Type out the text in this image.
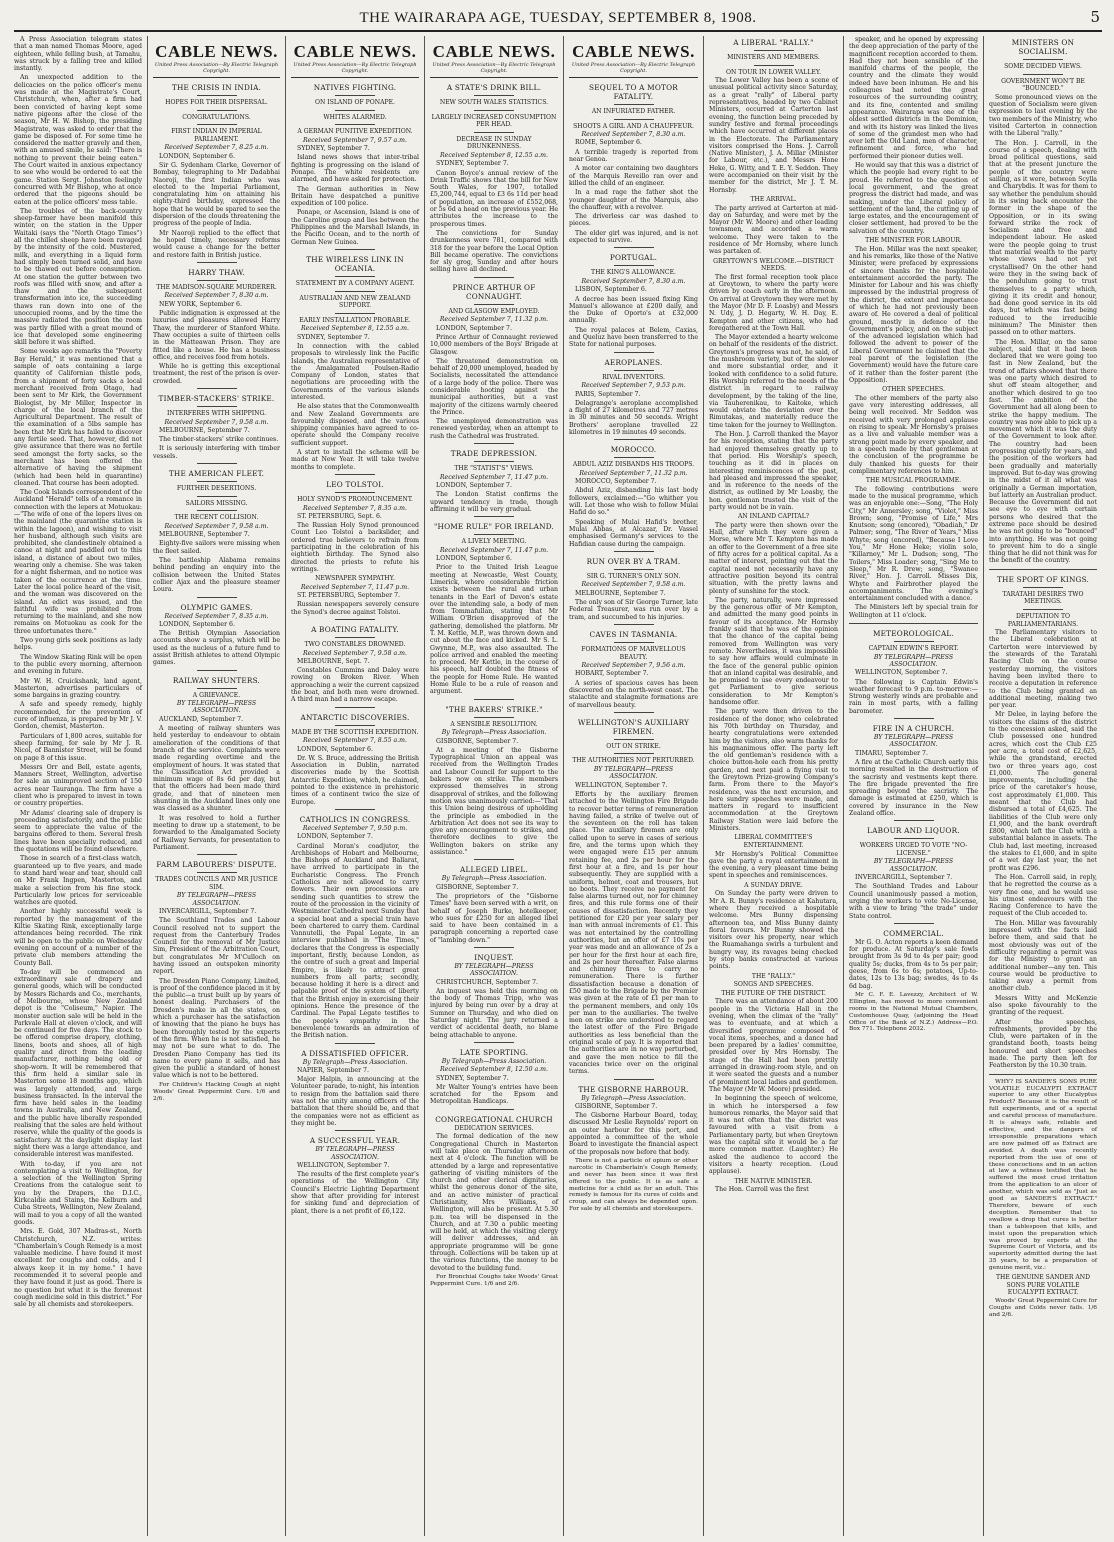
THE WAIRARAPA AGE, TUESDAY, SEPTEMBER 8, 1908.	5

A Press Association telegram states that a man named Thomas Moore, aged eighteen, while felling bush, at Tamahu, was struck by a falling tree and killed instantly.

An unexpected addition to the delicacies on the police officer's menu was made at the Magistrate's Court, Christchurch, when, after a firm had been convicted of having kept some native pigeons after the close of the season, Mr H. W. Bishop, the presiding Magistrate, was asked to order that the game be disposed of. For some time he considered the matter gravely and then, with an amused smile, he said: "There is nothing to prevent their being eaten." The Court waited in anxious expectancy to see who would be ordered to eat the game. Station Sergt. Johnston feelingly concurred with Mr Bishop, who at once ordered that the pigeons should be eaten at the police officers' mess table.

The troubles of the back-country sheep-farmer have been manifold this winter, on the station in the Upper Waitaki (says the "North Otago Times") all the chilled sheep have been ravaged by the intensity of the cold. Mustered, milk, and everything in a liquid form had simply been turned solid, and have to be thawed out before consumption. At one station the gutter between two roofs was filled with snow, and after a thaw and the subsequent transformation into ice, the succeeding thaws ran down into one of the unoccupied rooms, and by the time the massive radiated the position the room was partly filled with a great mound of ice that developed some engineering skill before it was shifted.

Some weeks ago remarks the "Poverty Bay Herald," it was mentioned that a sample of oats containing a large quantity of Californian thistle pods, from a shipment of forty sacks a local merchant received from Otago, had been sent to Mr Kirk, the Government Biologist, by Mr Miller, Inspector in charge of the local branch of the Agricultural Department. The result of the examination of a 5lbs sample has been that Mr Kirk has failed to discover any fertile seed. That, however, did not give assurance that there was no fertile seed amongst the forty sacks, so the merchant has been offered the alternative of having the shipment (which had been held in quarantine) cleaned. That course has been adopted.

The Cook Islands correspondent of the Auckland "Herald" tells of a romance in connection with the lepers at Motuokau:—"The wife of one of the lepers lives on the mainland (the quarantine station is within the lagoon), and wishing to visit her husband, although such visits are prohibited, she clandestinely obtained a canoe at night and paddled out to this island, a distance of about two miles, wearing only a chemise. She was taken for a night fisherman, and no notice was taken of the occurrence at the time. Later the local police heard of the visit, and the woman was discovered on the island. An edict was issued, and the faithful wife was prohibited from returning to the mainland, and she now remains on Motuokau as cook for the three unfortunates there."

Two young girls seek positions as lady helps.

The Window Skating Rink will be open to the public every morning, afternoon and evening in future.

Mr W. H. Cruickshank, land agent, Masterton, advertises particulars of some bargains in grazing country.

A safe and speedy remedy, highly recommended, for the prevention of cure of influenza, is prepared by Mr J. V. Gordon, chemist, Masterton.

Particulars of 1,800 acres, suitable for sheep farming, for sale by Mr J. R. Nicol, of Bannister Street, will be found on page 8 of this issue.

Messrs Orr and Bell, estate agents, Manners Street, Wellington, advertise for sale an unimproved section of 150 acres near Tauranga. The firm have a client who is prepared to invest in town or country properties.

Mr Adams' clearing sale of drapery is proceeding satisfactorily, and the public seem to appreciate the value of the bargains offered to them. Several fresh lines have been specially reduced, and the quotations will be found elsewhere.

Those in search of a first-class watch, guaranteed up to five years, and made to stand hard wear and tear, should call on Mr Frank Ingpen, Masterton, and make a selection from his fine stock. Particularly low prices for serviceable watches are quoted.

Another highly successful week is reported by the management of the Kiltie Skating Rink, exceptionally large attendances being recorded. The rink will be open to the public on Wednesday evening on account of a number of the private club members attending the County Ball.

To-day will be commenced an extraordinary sale of drapery and general goods, which will be conducted by Messrs Richards and Co., merchants, of Melbourne, whose New Zealand depot is the "Coliseum," Napier. The monster auction sale will be held in the Parkvale Hall at eleven o'clock, and will be continued for five days. The stock to be offered comprise drapery, clothing, linens, boots and shoes, all of high quality and direct from the leading manufacturer, nothing being old or shop-worn. It will be remembered that this firm held a similar sale in Masterton some 18 months ago, which was largely attended, and large business transacted. In the interval the firm have held sales in the leading towns in Australia, and New Zealand, and the public have liberally responded realising that the sales are held without reserve, while the quality of the goods is satisfactory. At the daylight display last night there was a large attendance, and considerable interest was manifested.

With to-day, if you are not contemplating a visit to Wellington, for a selection of the Wellington Spring Creations from the catalogue sent to you by the Drapers, the D.I.C., Kirkcaldie and Stains, the Kelburn and Cuba Streets, Wellington, New Zealand, will mail to you a copy of all the wanted goods.

Mrs. E. Gold, 307 Madras-st., North Christchurch, N.Z. writes: "Chamberlain's Cough Remedy is a most valuable medicine. I have found it most excellent for coughs and colds, and I always keep it in my home." I have recommended it to several people and they have found it just as good. There is no question but what it is the foremost cough medicine sold in this district." For sale by all chemists and storekeepers.

CABLE NEWS.
United Press Association—By Electric Telegraph Copyright.
THE CRISIS IN INDIA.
HOPES FOR THEIR DISPERSAL.
CONGRATULATIONS.
FIRST INDIAN IN IMPERIAL PARLIAMENT.
Received September 7, 8.25 a.m.

LONDON, September 6.

Sir G. Sydenham Clarke, Governor of Bombay, telegraphing to Mr Dadabhai Naoroji, the first Indian who was elected to the Imperial Parliament, congratulating him on attaining his eighty-third birthday, expressed the hope that he would be spared to see the dispersion of the clouds threatening the progress of the people of India.

Mr Naoroji replied to the effect that he hoped timely, necessary reforms would cause a change for the better and restore faith in British justice.

HARRY THAW.
THE MADISON-SQUARE MURDERER.
Received September 7, 8.30 a.m.

NEW YORK, September 6.

Public indignation is expressed at the luxuries and pleasures allowed Harry Thaw, the murderer of Stanford White. Thaw occupies a suite of thirteen cells in the Matteawan Prison. They are fitted like a house. He has a business office, and receives food from hotels.

While he is getting this exceptional treatment, the rest of the prison is over-crowded.

TIMBER-STACKERS' STRIKE.
INTERFERES WITH SHIPPING.
Received September 7, 9.58 a.m.

MELBOURNE, September 7.

The timber-stackers' strike continues.

It is seriously interfering with timber vessels.

THE AMERICAN FLEET.
FURTHER DESERTIONS.
SAILORS MISSING.
THE RECENT COLLISION.
Received September 7, 9.58 a.m.

MELBOURNE, September 7.

Eighty-five sailors were missing when the fleet sailed.

The battleship Alabama remains behind pending an enquiry into the collision between the United States collier Ajax and the pleasure steamer Loura.

OLYMPIC GAMES.
Received September 7, 8.35 a.m.

LONDON, September 6.

The British Olympian Association accounts show a surplus, which will be used as the nucleus of a future fund to assist British athletes to attend Olympic games.

RAILWAY SHUNTERS.
A GRIEVANCE.
BY TELEGRAPH—PRESS ASSOCIATION.

AUCKLAND, September 7.

A meeting of railway shunters was held yesterday to endeavour to obtain amelioration of the conditions of that branch of the service. Complaints were made regarding overtime and the employment of hours. It was stated that the Classification Act provided a minimum wage of 8s 6d per day, but that the officers had been made third grade, and that of nineteen men shunting in the Auckland lines only one was classed as a shunter.

It was resolved to hold a further meeting to draw up a statement, to be forwarded to the Amalgamated Society of Railway Servants, for presentation to Parliament.

FARM LABOURERS' DISPUTE.
TRADES COUNCILS AND MR JUSTICE SIM.
BY TELEGRAPH—PRESS ASSOCIATION.

INVERCARGILL, September 7.

The Southland Trades and Labour Council resolved not to support the request from the Canterbury Trades Council for the removal of Mr Justice Sim, President of the Arbitration Court, but congratulates Mr M'Culloch on having issued an outspoken minority report.

The Dresden Piano Company, Limited, is proof of the confidence placed in it by the public—a trust built up by years of honest dealing. Purchasers of the Dresden's make in all the states, on which a purchaser has the satisfaction of knowing that the piano he buys has been thoroughly tested by the experts of the firm. When he is not satisfied, he may not be sure what to do. The Dresden Piano Company has tied its name to every piano it sells, and has given the public a standard of honest value which is not to be bettered.

For Children's Hacking Cough at night Woods' Great Peppermint Cure. 1/6 and 2/6.

CABLE NEWS.
United Press Association—By Electric Telegraph Copyright.
NATIVES FIGHTING.
ON ISLAND OF PONAPE.
WHITES ALARMED.
A GERMAN PUNITIVE EXPEDITION.
Received September 7, 9.57 a.m.

SYDNEY, September 7.

Island news shows that inter-tribal fighting is progressing on the island of Ponape. The white residents are alarmed, and have asked for protection.

The German authorities in New Britain have despatched a punitive expedition of 100 police.

Ponape, or Ascension, Island is one of the Caroline group and lies between the Philippines and the Marshall Islands, in the Pacific Ocean, and to the north of German New Guinea.

THE WIRELESS LINK IN OCEANIA.
STATEMENT BY A COMPANY AGENT.
AUSTRALIAN AND NEW ZEALAND SUPPORT.
EARLY INSTALLATION PROBABLE.
Received September 8, 12.55 a.m.

SYDNEY, September 7.

In connection with the cabled proposals to wirelessly link the Pacific Islands, the Australian representative of the Amalgamated Poulsen-Radio Company of London, states that negotiations are proceeding with the Governments of the various islands interested.

He also states that the Commonwealth and New Zealand Governments are favourably disposed, and the various shipping companies have agreed to co-operate should the Company receive sufficient support.

A start to install the scheme will be made at New Year. It will take twelve months to complete.

LEO TOLSTOI.
HOLY SYNOD'S PRONOUNCEMENT.
Received September 7, 8.35 a.m.

ST. PETERSBURG, Sept. 6.

The Russian Holy Synod pronounced Count Leo Tolstoi a backslider, and ordered true believers to refrain from participating in the celebration of his eightieth birthday. The Synod also directed the priests to refute his writings.

NEWSPAPER SYMPATHY.
Received September 7, 11.47 p.m.

ST. PETERSBURG, September 7.

Russian newspapers severely censure the Synod's decree against Tolstoi.

A BOATING FATALITY.
TWO CONSTABLES DROWNED.
Received September 7, 9.58 a.m.

MELBOURNE, Sept. 7.

Constables Cummins and Daley were rowing on Broken River. When approaching a weir the current capsized the boat, and both men were drowned. A third man had a narrow escape.

ANTARCTIC DISCOVERIES.
MADE BY THE SCOTTISH EXPEDITION.
Received September 7, 8.55 a.m.

LONDON, September 6.

Dr. W. S. Bruce, addressing the British Association in Dublin, narrated discoveries made by the Scottish Antarctic Expedition, which, he claimed, pointed to the existence in prehistoric times of a continent twice the size of Europe.

CATHOLICS IN CONGRESS.
Received September 7, 9.50 p.m.

LONDON, September 7.

Cardinal Moran's coadjutor, the Archbishops of Hobart and Melbourne, the Bishops of Auckland and Ballarat, have arrived to participate in the Eucharistic Congress. The French Catholics are not allowed to carry flowers. Their own processions are sending such quantities to strew the route of the procession in the vicinity of Westminster Cathedral next Sunday that a special boat and a special train have been chartered to carry them. Cardinal Vannutelli, the Papal Legate, in an interview published in "The Times," declares that the Congress is especially important, firstly, because London, as the centre of such a great and Imperial Empire, is likely to attract great numbers from all parts; secondly, because holding it here is a direct and palpable proof of the system of liberty that the British enjoy in exercising their opinions. Hence the presence of the Cardinal. The Papal Legate testifies to the people's sympathy in the benevolence towards an admiration of the British nation.

A DISSATISFIED OFFICER.
By Telegraph—Press Association.

NAPIER, September 7.

Major Halpin, in announcing at the Volunteer parade, to-night, his intention to resign from the battalion said there was not the unity among officers of the battalion that there should be, and that the companies were not as efficient as they might be.

A SUCCESSFUL YEAR.
BY TELEGRAPH—PRESS ASSOCIATION.

WELLINGTON, September 7.

The results of the first complete year's operations of the Wellington City Council's Electric Lighting Department show that after providing for interest for sinking fund and depreciation of plant, there is a net profit of £6,122.

CABLE NEWS.
United Press Association—By Electric Telegraph Copyright.
A STATE'S DRINK BILL.
NEW SOUTH WALES STATISTICS.
LARGELY INCREASED CONSUMPTION PER HEAD.
DECREASE IN SUNDAY DRUNKENNESS.
Received September 8, 12.55 a.m.

SYDNEY, September 7.

Canon Boyce's annual review of the Drink Traffic shows that the bill for New South Wales, for 1907, totalled £5,200,744, equal to £3 6s 11d per head of population, an increase of £552,068, or 5s 6d a head on the previous year. He attributes the increase to the prosperous times.

The convictions for Sunday drunkenness were 781, compared with 318 for the year before the Local Option Bill became operative. The convictions for sly grog, Sunday and after hours selling have all declined.

PRINCE ARTHUR OF CONNAUGHT.
AND GLASGOW EMPLOYED.
Received September 7, 11.32 p.m.

LONDON, September 7.

Prince Arthur of Connaught reviewed 10,000 members of the Boys' Brigade at Glasgow.

The threatened demonstration on behalf of 20,000 unemployed, headed by Socialists, necessitated the attendance of a large body of the police. There was considerable hooting against the municipal authorities, but a vast majority of the citizens warmly cheered the Prince.

The unemployed demonstration was renewed yesterday, when an attempt to rush the Cathedral was frustrated.

TRADE DEPRESSION.
THE "STATIST'S" VIEWS.
Received September 7, 11.47 p.m.

LONDON, September 7.

The London Statist confirms the upward tendency in trade, though affirming it will be very gradual.

"HOME RULE" FOR IRELAND.
A LIVELY MEETING.
Received September 7, 11.47 p.m.

LONDON, September 6.

Prior to the United Irish League meeting at Newcastle, West County, Limerick, where considerable friction exists between the rural and urban tenants in the Earl of Devon's estate over the intending sale, a body of men from Tommafullan, stating that Mr William O'Brien disapproved of the gathering, demolished the platform. Mr T. M. Kettle, M.P., was thrown down and cut about the face and kicked. Mr S. L. Gwynne, M.P., was also assaulted. The police arrived and enabled the meeting to proceed. Mr Kettle, in the course of his speech, half doubted the fitness of the people for Home Rule. He wanted Home Rule to be a rule of reason and argument.

"THE BAKERS' STRIKE."
A SENSIBLE RESOLUTION.
By Telegraph—Press Association.

GISBORNE, September 7.

At a meeting of the Gisborne Typographical Union an appeal was received from the Wellington Trades and Labour Council for support to the bakers now on strike. The members expressed themselves in strong disapproval of strikes, and the following motion was unanimously carried:—"That this Union being desirous of upholding the principle as embodied in the Arbitration Act does not see its way to give any encouragement to strikes, and therefore declines to give the Wellington bakers on strike any assistance."

ALLEGED LIBEL.
By Telegraph—Press Association.

GISBORNE, September 7.

The proprietors of the "Gisborne Times" have been served with a writ, on behalf of Joseph Burke, hotelkeeper, who sues for £250 for an alleged libel said to have been contained in a paragraph concerning a reported case of "lambing down."

INQUEST.
BY TELEGRAPH—PRESS ASSOCIATION.

CHRISTCHURCH, September 7.

An inquest was held this morning on the body of Thomas Tripp, who was injured by being run over by a dray at Sumner on Thursday, and who died on Saturday night. The jury returned a verdict of accidental death, no blame being attachable to anyone.

LATE SPORTING.
By Telegraph—Press Association.
Received September 8, 12.50 a.m.

SYDNEY, September 7.

Mr Walter Young's entries have been scratched for the Epsom and Metropolitan Handicaps.

CONGREGATIONAL CHURCH
DEDICATION SERVICES.

The formal dedication of the new Congregational Church in Masterton will take place on Thursday afternoon next at 4 o'clock. The function will be attended by a large and representative gathering of visiting ministers of the church and other clerical dignitaries, whilst the generous donor of the site, and an active minister of practical Christianity, Mrs Williams, of Wellington, will also be present. At 5.30 p.m. tea will be dispensed in the Church, and at 7.30 a public meeting will be held, at which the visiting clergy will deliver addresses, and an appropriate programme will be gone through. Collections will be taken up at the various functions, the money to be devoted to the building fund.

For Bronchial Coughs take Woods' Great Peppermint Cure. 1/6 and 2/6.

CABLE NEWS.
United Press Association—By Electric Telegraph Copyright.
SEQUEL TO A MOTOR FATALITY.
AN INFURIATED FATHER.
SHOOTS A GIRL AND A CHAUFFEUR.
Received September 7, 8.30 a.m.

ROME, September 6.

A terrible tragedy is reported from near Genoa.

A motor car containing two daughters of the Marquis Reveillo ran over and killed the child of an engineer.

In a mad rage the father shot the younger daughter of the Marquis, also the chauffeur, with a revolver.

The driverless car was dashed to pieces.

The elder girl was injured, and is not expected to survive.

PORTUGAL.
THE KING'S ALLOWANCE.
Received September 7, 8.30 a.m.

LISBON, September 6.

A decree has been issued fixing King Manuel's allowance at £200 daily, and the Duke of Oporto's at £32,000 annually.

The royal palaces at Belem, Caxias, and Queluz have been transferred to the State for national purposes.

AEROPLANES.
RIVAL INVENTORS.
Received September 7, 9.53 p.m.

PARIS, September 7.

Delagrange's aeroplane accomplished a flight of 27 kilometres and 727 metres in 30 minutes and 50 seconds. Wright Brothers' aeroplane travelled 22 kilometres in 19 minutes 49 seconds.

MOROCCO.
ABDUL AZIZ DISBANDS HIS TROOPS.
Received September 7, 11.32 p.m.

MOROCCO, September 7.

Abdul Aziz, disbanding his last body followers, exclaimed:—"Go whither you will. Let those who wish to follow Mulai Hafid do so."

Speaking of Mulai Hafid's brother, Mulai Abbas, at Alcazar, Dr. Vassel emphasised Germany's services to the Hafidian cause during the campaign.

RUN OVER BY A TRAM.
SIR G. TURNER'S ONLY SON.
Received September 7, 9.58 a.m.

MELBOURNE, September 7.

The only son of Sir George Turner, late Federal Treasurer, was run over by a tram, and succumbed to his injuries.

CAVES IN TASMANIA.
FORMATIONS OF MARVELLOUS BEAUTY.
Received September 7, 9.56 a.m.

HOBART, September 7.

A series of spacious caves has been discovered on the north-west coast. The stalactite and stalagmite formations are of marvellous beauty.

WELLINGTON'S AUXILIARY FIREMEN.
OUT ON STRIKE.
THE AUTHORITIES NOT PERTURBED.
BY TELEGRAPH—PRESS ASSOCIATION.

WELLINGTON, September 7.

Efforts by the auxiliary firemen attached to the Wellington Fire Brigade to recover better terms of remuneration having failed, a strike of twelve out of the seventeen on the roll has taken place. The auxiliary firemen are only called upon to serve in cases of serious fire, and the terms upon which they were engaged were £15 per annum retaining fee, and 2s per hour for the first hour at a fire, and 1s per hour subsequently. They are supplied with a uniform, helmet, coat and trousers, but no boots. They receive no payment for false alarms turned out, nor for chimney fires, and this rule forms one of their causes of dissatisfaction. Recently they petitioned for £20 per year salary per man with annual increments of £1. This was not entertained by the controlling authorities, but an offer of £7 10s per year was made and an allowance of 2s a per hour for the first hour at each fire, and 2s per hour thereafter. False alarms and chimney fires to carry no remuneration. There is further dissatisfaction because a donation of £50 made to the Brigade by the Premier was given at the rate of £1 per man to the permanent members, and only 10s per man to the auxiliaries. The twelve men on strike are understood to regard the latest offer of the Fire Brigade authorities as less beneficial than the original scale of pay. It is reported that the authorities are in no way perturbed, and gave the men notice to fill the vacancies twice over on the original terms.

THE GISBORNE HARBOUR.
By Telegraph—Press Association.

GISBORNE, September 7.

The Gisborne Harbour Board, today, discussed Mr Leslie Reynolds' report on an outer harbour for this port, and appointed a committee of the whole Board to investigate the financial aspect of the proposals now before that body.

There is not a particle of opium or other narcotic in Chamberlain's Cough Remedy, and never has been since it was first offered to the public. It is as safe a medicine for a child as for an adult. This remedy is famous for its cures of colds and croup, and can always be depended upon. For sale by all chemists and storekeepers.

A LIBERAL "RALLY."
MINISTERS AND MEMBERS.
ON TOUR IN LOWER VALLEY.

The Lower Valley has been a scene of unusual political activity since Saturday, as a great "rally" of Liberal party representatives, headed by two Cabinet Ministers, occurred at Carterton last evening, the function being preceded by sundry festive and formal proceedings which have occurred at different places in the Electorate. The Parliamentary visitors comprised the Hons. J. Carroll (Native Minister), J. A. Millar (Minister for Labour, etc.), and Messrs Hone Heke, G. Witty, and T. E. Y. Seddon. They were accompanied on their visit by the member for the district, Mr J. T. M. Hornsby.

THE ARRIVAL.

The party arrived at Carterton at mid-day on Saturday, and were met by the Mayor (Mr W. Moore) and other leading townsmen, and accorded a warm welcome. They were taken to the residence of Mr Hornsby, where lunch was partaken of.

GREYTOWN'S WELCOME.—DISTRICT NEEDS.

The first formal reception took place at Greytown, to where the party were driven by coach early in the afternoon. On arrival at Greytown they were met by the Mayor (Mr D. F. Loasby) and Messrs N. Udy, J. D. Hegarty, W. H. Day, E. Kempton and other citizens, who had foregathered at the Town Hall.

The Mayor extended a hearty welcome on behalf of the residents of the district. Greytown's progress was not, he said, of the mushroom variety, but of the slower and more substantial order, and it looked with confidence to a solid future. His Worship referred to the needs of the district in regard to railway development, by the taking of the line, via Tauherenikau, to Kaitoke, which would obviate the deviation over the Rimutakas, and materially reduce the time taken for the journey to Wellington.

The Hon. J. Carroll thanked the Mayor for his reception, stating that the party had enjoyed themselves greatly up to that period. His Worship's speech, touching as it did in places on interesting reminiscences of the past, had pleased and impressed the speaker, and in reference to the needs of the district, as outlined by Mr Loasby, the hon. gentleman trusted the visit of the party would not be in vain.

AN INLAND CAPITAL?

The party were then shown over the Hall, after which they were given a Morse, where Mr T. Kempton has made an offer to the Government of a free site of fifty acres for a political capital. As a matter of interest, pointing out that the capital need not necessarily have any attractive position beyond its central situation, with the pretty lawns and plenty of sunshine for the stock.

The party, naturally, were impressed by the generous offer of Mr Kempton, and admitted the many good points in favour of its acceptance. Mr Hornsby frankly said that he was of the opinion that the chance of the capital being removed from Wellington was very remote. Nevertheless, it was impossible to say how affairs would culminate in the face of the general public opinion that an inland capital was desirable, and he promised to use every endeavour to get Parliament to give serious consideration to Mr Kempton's handsome offer.

The party were then driven to the residence of the donor, who celebrated his 70th birthday on Thursday, and hearty congratulations were extended him by the visitors, also warm thanks for his magnanimous offer. The party left the old gentleman's residence with a choice button-hole each from his pretty garden, and next paid a flying visit to the Greytown Prize-growing Company's farm. From there to the Mayor's residence, was the next excursion, and here sundry speeches were made, and matters in regard to insufficient accommodation at the Greytown Railway Station were laid before the Ministers.

LIBERAL COMMITTEE'S ENTERTAINMENT.

Mr Hornsby's Political Committee gave the party a royal entertainment in the evening, a very pleasant time being spent in speeches and reminiscences.

A SUNDAY DRIVE.

On Sunday the party were driven to Mr A. R. Bunny's residence at Kahutara, where they received a hospitable welcome. Mrs Bunny dispensing afternoon tea, and Miss Bunny dainty floral favours. Mr Bunny showed the visitors over his property, near which the Ruamahanga swirls a turbulent and hungry way, its ravages being checked by stop banks constructed at various points.

THE "RALLY."
SONGS AND SPEECHES.
THE FUTURE OF THE DISTRICT.

There was an attendance of about 200 people in the Victoria Hall in the evening, when the climax of the "rally" was to eventuate, and at which a diversified programme composed of vocal items, speeches, and a dance had been prepared by a ladies' committee, presided over by Mrs Hornsby. The stage of the Hall had been prettily arranged in drawing-room style, and on it were seated the guests and a number of prominent local ladies and gentlemen. The Mayor (Mr W. Moore) presided.

In beginning the speech of welcome, in which he interspersed a few humorous remarks, the Mayor said that it was not often that the district was favoured with a visit from a Parliamentary party, but when Greytown was the capital site it would be a far more common matter. (Laughter.) He asked the audience to accord the visitors a hearty reception. (Loud applause).

THE NATIVE MINISTER.

The Hon. Carroll was the first

speaker, and he opened by expressing the deep appreciation of the party of the magnificent reception accorded to them. Had they not been sensible of the manifold charms of the people, the country and the climate they would indeed have been inhuman. He and his colleagues had noted the great resources of the surrounding country, and its fine, contented and smiling appearance. Wairarapa was one of the oldest settled districts in the Dominion, and with its history was linked the lives of some of the grandest men who had ever left the Old Land, men of character, refinement and force, who had performed their pioneer duties well.

He would say that this was a district of which the people had every right to be proud. He referred to the question of local government, and the great progress the district had made, and was making, under the Liberal policy of settlement of the land, the cutting up of large estates, and the encouragement of closer settlement, had proved to be the salvation of the country.

THE MINISTER FOR LABOUR.

The Hon. Millar was the next speaker, and his remarks, like those of the Native Minister, were prefaced by expressions of sincere thanks for the hospitable entertainment accorded the party. The Minister for Labour and his was chiefly impressed by the industrial progress of the district, the extent and importance of which he had not previously been aware of. He covered a deal of political ground, mostly in defence of the Government's policy, and on the subject of the advanced legislation which had followed the advent to power of the Liberal Government he claimed that the real parent of the legislation (the Government) would have the future care of it rather than the foster parent (the Opposition).

OTHER SPEECHES.

The other members of the party also gave very interesting addresses, all being well received. Mr Seddon was received with very prolonged applause on rising to speak. Mr Hornsby's praises as a live and valuable member was a strong point made by every speaker, and in a speech made by that gentleman at the conclusion of the programme he duly thanked his guests for their complimentary references to him.

THE MUSICAL PROGRAMME.

The following contributions were made to the musical programme, which was an enjoyable one:—Song, "The Holy City," Mr Annersley; song, "Violet," Miss Brown; song, "Promise of Life," Mrs Knutson; song (encored), "Obadiah," Dr Palmer; song, "The River of Years," Miss Whyte; song (encored), "Because I Love You," Mr Hone Heke; violin solo, "Killarney," Mr L. Dudson; song, "The Toilers," Miss Loader; song, "Sing Me to Sleep," Mr R. Drew; song, "Swanee River," Hon. J. Carroll. Misses Dix, Whyte and Fairbrother played the accompaniments. The evening's entertainment concluded with a dance.

The Ministers left by special train for Wellington at 11 o'clock.

METEOROLOGICAL.
CAPTAIN EDWIN'S REPORT.
BY TELEGRAPH—PRESS ASSOCIATION.

WELLINGTON, September 7.

The following is Captain Edwin's weather forecast to 9 p.m. to-morrow:—Strong westerly winds are probable and rain in most parts, with a falling barometer.

FIRE IN A CHURCH.
BY TELEGRAPH—PRESS ASSOCIATION.

TIMARU, September 7.

A fire at the Catholic Church early this morning resulted in the destruction of the sacristy and vestments kept there. The fire brigade prevented the fire spreading beyond the sacristy. The damage is estimated at £250, which is covered by insurance in the New Zealand office.

LABOUR AND LIQUOR.
WORKERS URGED TO VOTE "NO-LICENSE."
BY TELEGRAPH—PRESS ASSOCIATION.

INVERCARGILL, September 7.

The Southland Trades and Labour Council unanimously passed a motion, urging the workers to vote No-License, with a view to bring "the trade" under State control.

COMMERCIAL.

Mr G. O. Acton reports a keen demand for produce. At Saturday's sale fowls brought from 3s 9d to 4s per pair; good quality 5s; ducks, from 4s to 5s per pair; geese, from 6s to 6s; potatoes, Up-to-dates, 12s to 13s bag; swedes, 4s to 4s 6d bag.

Mr C. F. E. Lavezzy, Architect of W. Ellington, has moved to more convenient rooms in the National Mutual Chambers, Customhouse Quay, (adjoining the Head Office of the Bank of N.Z.) Address—P.O. Box 771. Telephone 2032.

MINISTERS ON SOCIALISM.
SOME DECIDED VIEWS.
GOVERNMENT WON'T BE "BOUNCED."

Some pronounced views on the question of Socialism were given expression to last evening by the two members of the Ministry, who visited Carterton in connection with the Liberal "rally."

The Hon. J. Carroll, in the course of a speech, dealing with broad political questions, said that at the present juncture the people of the country were sailing, as it were, between Scylla and Charybdis. It was for them to say whether the pendulum should in its swing back encounter the former in the shape of the Opposition, or in its swing forward strike the rock of Socialism and free and independent labour. He asked were the people going to trust that material wealth to the party whose views had not yet crystallised? On the other hand were they in the swing back of the pendulum going to trust themselves to a party which, giving it its credit and honour, had done good service in its old days, but which was fast being reduced to the irreducible minimum? The Minister then passed on to other matters.

The Hon. Millar, on the same subject, said that it had been declared that we were going too fast in New Zealand, but the trend of affairs showed that there was one party which desired to shut off steam altogether, and another which desired to go too fast. The ambition of the Government had all along been to strike the happy medium. The country was now able to pick up a movement which it was the duty of the Government to look after. The country had been progressing quietly for years, and the position of the workers had been gradually and materially improved. But to-day was growing in the midst of it all what was originally a German importation, but latterly an Australian product. Because the Government did not see eye to eye with certain persons who desired that the extreme pace should be desired he was not going to be "bounced" into anything. He was not going to prevent him to do a single thing that he did not think was for the benefit of the country.

THE SPORT OF KINGS.
TARATAHI DESIRES TWO MEETINGS.
DEPUTATION TO PARLIAMENTARIANS.

The Parliamentary visitors to the Liberal celebration at Carterton were interviewed by the stewards of the Taratahi Racing Club on the course yesterday morning, the visitors having been invited there to receive a deputation in reference to the Club being granted an additional meeting, making two per year.

Mr Delee, in laying before the visitors the claims of the district to the concession asked, said the Club possessed one hundred acres, which cost the Club £25 per acre, a total cost of £2,625, while the grandstand, erected two or three years ago, cost £1,000. The general improvements, including the price of the caretaker's house, cost approximately £1,000. This meant that the Club had disbursed a total of £4,625. The liabilities of the Club were only £1,900, and the bank overdraft £800, which left the Club with a substantial balance in assets. The Club had, last meeting, increased the stakes to £1,600, and in spite of a wet day last year, the net profit was £296.

The Hon. Carroll said, in reply, that he regretted the course as a very fine one, and he would use his utmost endeavours with the Racing Conference to have the request of the Club acceded to.

The Hon. Millar was favourably impressed with the facts laid before them, and said that he most obviously was out of the difficulty regarding a permit was for the Ministry to grant an additional number—any ten. This course would be productive to taking away a permit from another club.

Messrs Witty and McKenzie also spoke favourably to the granting of the request.

After the speeches, refreshments, provided by the Club, were partaken of in the grandstand booth, toasts being honoured and short speeches made. The party then left for Featherston by the 10.30 train.

WHY? IS SANDER'S SONS PURE VOLATILE EUCALYPTI EXTRACT superior to any other Eucalyptus Product? Because it is the result of full experiments, and of a special and careful process of manufacture. It is always safe, reliable and effective, and the dangers of irresponsible preparations which are now palmed off as Extract are avoided. A death was recently reported from the use of one of these concoctions and in an action at law a witness testified that he suffered the most cruel irritation from the application to an ulcer of another, which was sold as "Just as good as SANDER'S EXTRACT." Therefore, beware of such deception. Remember that to swallow a drop that cures is better than a tablespoon that kills, and insist upon the preparation which was proved by experts at the Supreme Court of Victoria, and its superiority admitted during the last 35 years, to be a preparation of genuine merit, viz.:

THE GENUINE SANDER AND SONS PURE VOLATILE EUCALYPTI EXTRACT.

Woods' Great Peppermint Cure for Coughs and Colds never fails. 1/6 and 2/6.
